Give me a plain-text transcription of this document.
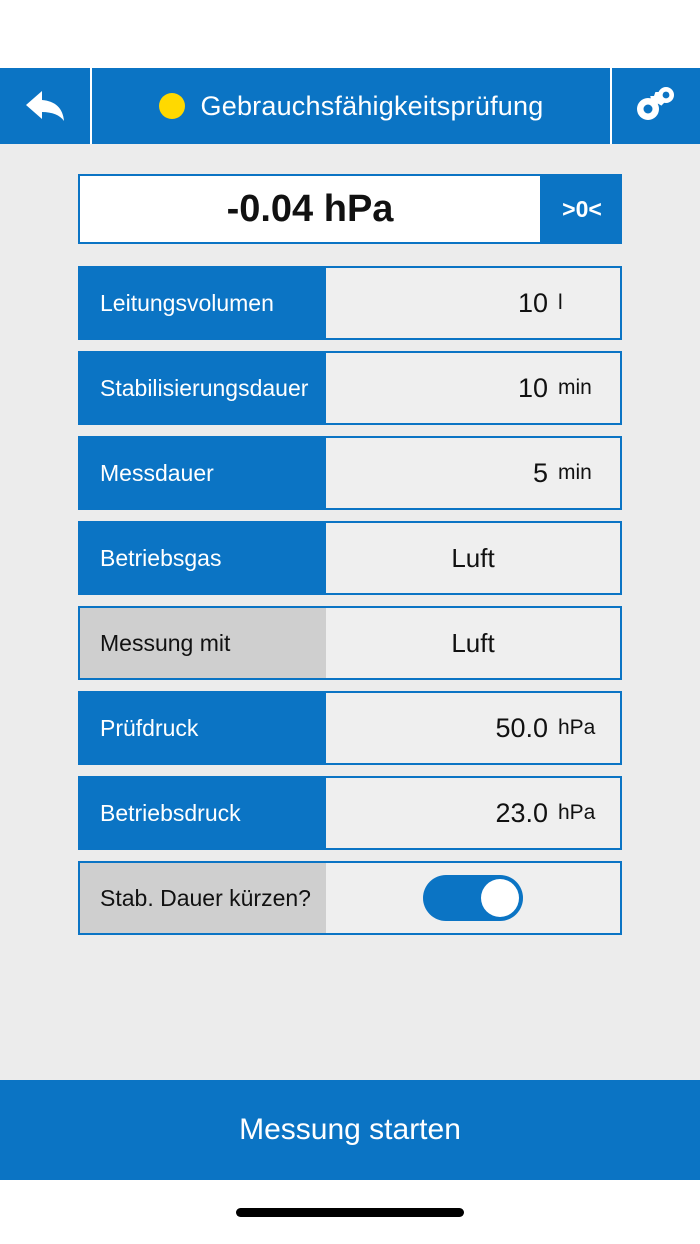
Gebrauchsfähigkeitsprüfung
-0.04 hPa	>0<
Leitungsvolumen	10 l
Stabilisierungsdauer	10 min
Messdauer	5 min
Betriebsgas	Luft
Messung mit	Luft
Prüfdruck	50.0 hPa
Betriebsdruck	23.0 hPa
Stab. Dauer kürzen?
Messung starten
